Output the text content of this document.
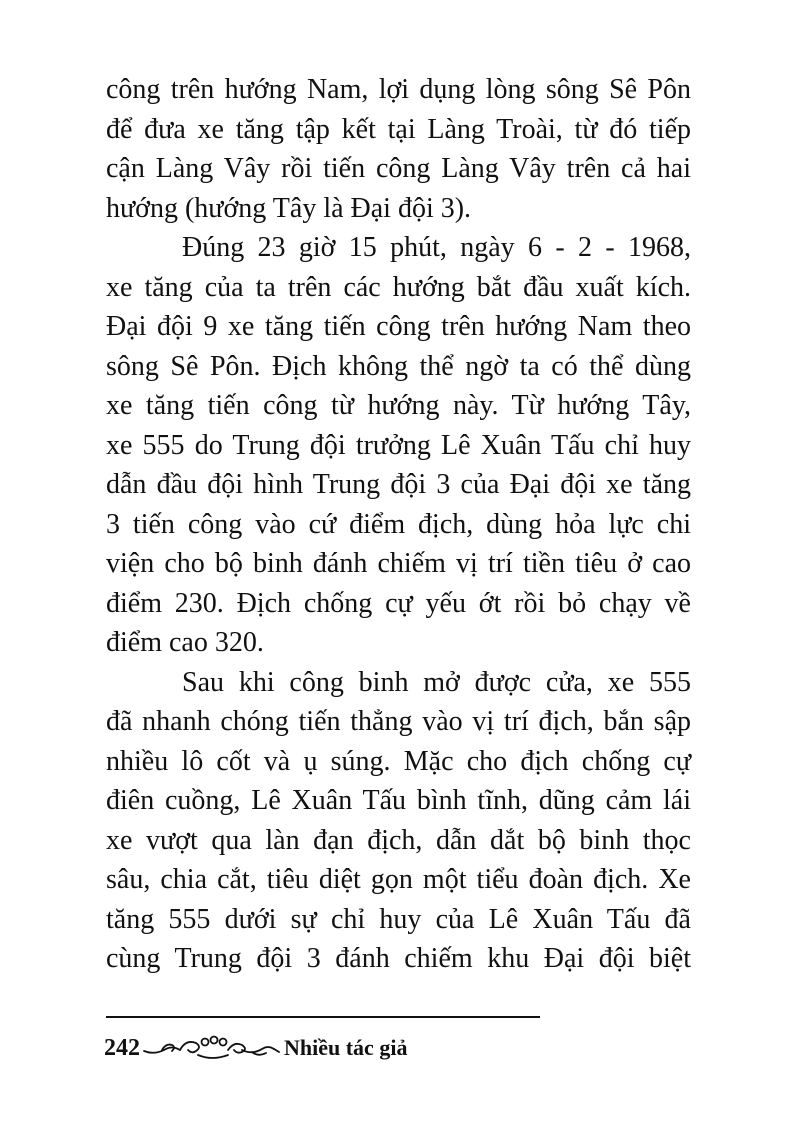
công trên hướng Nam, lợi dụng lòng sông Sê Pôn
để đưa xe tăng tập kết tại Làng Troài, từ đó tiếp
cận Làng Vây rồi tiến công Làng Vây trên cả hai
hướng (hướng Tây là Đại đội 3).
Đúng 23 giờ 15 phút, ngày 6 - 2 - 1968,
xe tăng của ta trên các hướng bắt đầu xuất kích.
Đại đội 9 xe tăng tiến công trên hướng Nam theo
sông Sê Pôn. Địch không thể ngờ ta có thể dùng
xe tăng tiến công từ hướng này. Từ hướng Tây,
xe 555 do Trung đội trưởng Lê Xuân Tấu chỉ huy
dẫn đầu đội hình Trung đội 3 của Đại đội xe tăng
3 tiến công vào cứ điểm địch, dùng hỏa lực chi
viện cho bộ binh đánh chiếm vị trí tiền tiêu ở cao
điểm 230. Địch chống cự yếu ớt rồi bỏ chạy về
điểm cao 320.
Sau khi công binh mở được cửa, xe 555
đã nhanh chóng tiến thẳng vào vị trí địch, bắn sập
nhiều lô cốt và ụ súng. Mặc cho địch chống cự
điên cuồng, Lê Xuân Tấu bình tĩnh, dũng cảm lái
xe vượt qua làn đạn địch, dẫn dắt bộ binh thọc
sâu, chia cắt, tiêu diệt gọn một tiểu đoàn địch. Xe
tăng 555 dưới sự chỉ huy của Lê Xuân Tấu đã
cùng Trung đội 3 đánh chiếm khu Đại đội biệt
242	Nhiều tác giả
